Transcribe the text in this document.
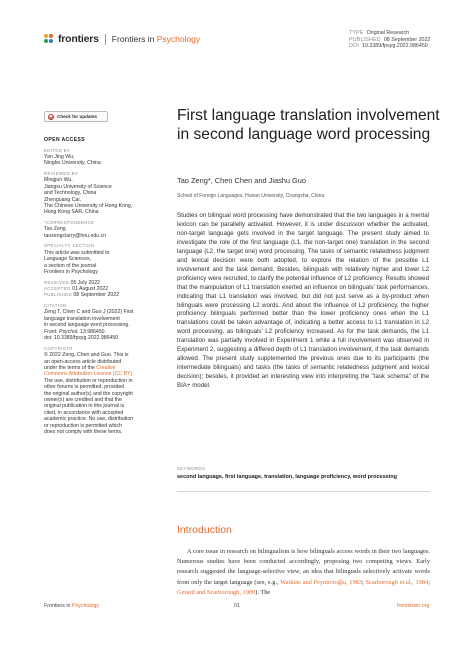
frontiers Frontiers in Psychology
TYPE Original Research
PUBLISHED 08 September 2022
DOI 10.3389/fpsyg.2022.986450
Check for updates
OPEN ACCESS
EDITED BY
Yan Jing Wu,
Ningbo University, China
REVIEWED BY
Mingjun Wu,
Jiangsu University of Science
and Technology, China
Zhenguang Cai,
The Chinese University of Hong Kong,
Hong Kong SAR, China
*CORRESPONDENCE
Tao Zeng
taozengclarry@hnu.edu.cn
SPECIALTY SECTION
This article was submitted to
Language Sciences,
a section of the journal
Frontiers in Psychology
RECEIVED 05 July 2022
ACCEPTED 01 August 2022
PUBLISHED 08 September 2022
CITATION
Zeng T, Chen C and Guo J (2022) First
language translation involvement
in second language word processing.
Front. Psychol. 13:986450.
doi: 10.3389/fpsyg.2022.986450
COPYRIGHT
© 2022 Zeng, Chen and Guo. This is
an open-access article distributed
under the terms of the Creative
Commons Attribution License (CC BY).
The use, distribution or reproduction in
other forums is permitted, provided
the original author(s) and the copyright
owner(s) are credited and that the
original publication in this journal is
cited, in accordance with accepted
academic practice. No use, distribution
or reproduction is permitted which
does not comply with these terms.
First language translation involvement in second language word processing
Tao Zeng*, Chen Chen and Jiashu Guo
School of Foreign Languages, Hunan University, Changsha, China

Studies on bilingual word processing have demonstrated that the two languages in a mental lexicon can be parallelly activated. However, it is under discussion whether the activated, non-target language gets involved in the target language. The present study aimed to investigate the role of the first language (L1, the non-target one) translation in the second language (L2, the target one) word processing. The tasks of semantic relatedness judgment and lexical decision were both adopted, to explore the relation of the possible L1 involvement and the task demand. Besides, bilinguals with relatively higher and lower L2 proficiency were recruited, to clarify the potential influence of L2 proficiency. Results showed that the manipulation of L1 translation exerted an influence on bilinguals' task performances, indicating that L1 translation was involved, but did not just serve as a by-product when bilinguals were processing L2 words. And about the influence of L2 proficiency, the higher proficiency bilinguals performed better than the lower proficiency ones when the L1 translations could be taken advantage of, indicating a better access to L1 translation in L2 word processing, as bilinguals' L2 proficiency increased. As for the task demands, the L1 translation was partially involved in Experiment 1 while a full involvement was observed in Experiment 2, suggesting a differed depth of L1 translation involvement, if the task demands allowed. The present study supplemented the previous ones due to its participants (the intermediate bilinguals) and tasks (the tasks of semantic relatedness judgment and lexical decision); besides, it provided an interesting view into interpreting the "task schema" of the BIA+ model.

KEYWORDS
second language, first language, translation, language proficiency, word processing
Introduction

A core issue in research on bilingualism is how bilinguals access words in their two languages. Numerous studies have been conducted accordingly, proposing two competing views. Early research suggested the language-selective view, an idea that bilinguals selectively activate words from only the target language (see, e.g., Watkins and Peynircioğlu, 1983; Scarborough et al., 1984; Gerard and Scarborough, 1989). The

Frontiers in Psychology	01	frontiersin.org
